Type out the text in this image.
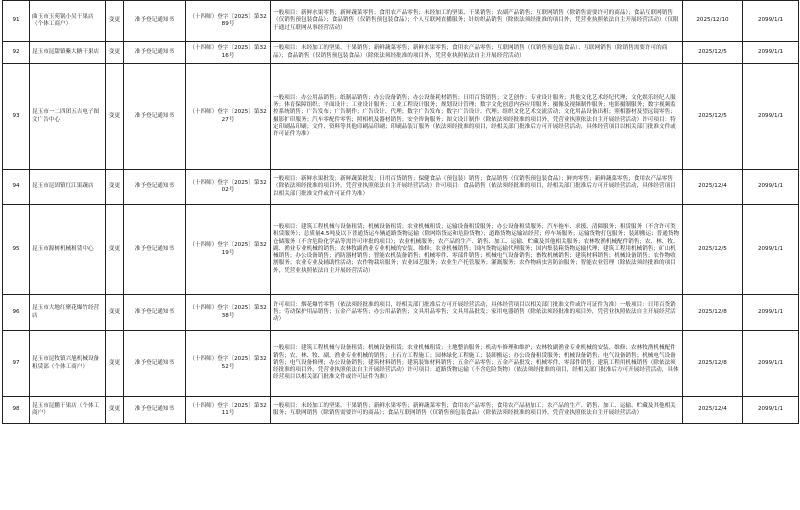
91	曲玉市玉苑锅小吴干果店（个体工商户）	变更	准予登记通知书	（十四师）登字〔2025〕第3289号	一般项目：新鲜水果零售；新鲜蔬菜零售；食用农产品零售；未经加工的坚果、干果销售；农副产品销售；互联网销售（除销售需要许可的商品）；食品互联网销售（仅销售预包装食品）；食品销售（仅销售预包装食品）；个人互联网直播服务；针纺织品销售（除依法须经批准的项目外，凭营业执照依法自主开展经营活动）（仅限于通过互联网从事经营活动）	2025/12/10	2099/1/1
92	昆玉市昆甜镇紫大糖干果店	变更	准予登记通知书	（十四师）登字〔2025〕第3216号	一般项目：未经加工的坚果、干果销售；新鲜蔬菜零售；新鲜水果零售；食用农产品零售；互联网销售（仅销售预包装食品）；互联网销售（除销售需要许可的商品）；食品销售（仅销售预包装食品）（除依法须经批准的项目外，凭营业执照依法自主开展经营活动）	2025/12/5	2099/1/1
93	昆玉市一二四团五吉电子图文广告中心	变更	准予登记通知书	（十四师）登字〔2025〕第3227号	一般项目：办公用品销售；纸制品销售；办公设备销售；办公设备耗材销售；日用百货销售；文艺创作；专业设计服务；其他文化艺术经纪代理；文化娱乐经纪人服务；体育保障组织；平面设计；工业设计服务；工业工程设计服务；规划设计管理；数字文化创意内容应用服务；摄像及视频制作服务；电影摄制服务；数字视频监控系统销售；广告发布；广告制作；广告设计、代理；数字广告发布；数字广告设计、代理；组织文化艺术交流活动；文化用品设备出租；照相器材及望远镜零售；摄影扩印服务；汽车零配件零售；照相机及器材销售；安全咨询服务；图文设计制作（除依法须经批准的项目外，凭营业执照依法自主开展经营活动）许可项目：特定印刷品印刷；文件、资料等其他印刷品印刷；印刷品装订服务（依法须经批准的项目，经相关部门批准后方可开展经营活动，具体经营项目以相关部门批准文件或许可证件为准）	2025/12/5	2099/1/1
94	昆玉市昆固镇红江果蔬店	变更	准予登记通知书	（十四师）登字〔2025〕第3202号	一般项目：新鲜水果批发；新鲜蔬菜批发；日用百货销售；保健食品（预包装）销售；食品销售（仅销售预包装食品）；鲜肉零售；新鲜蔬菜零售；食用农产品零售（除依法须经批准的项目外，凭营业执照依法自主开展经营活动）许可项目：食品销售（依法须经批准的项目，经相关部门批准后方可开展经营活动，具体经营项目以相关部门批准文件或许可证件为准）	2025/12/4	2099/1/1
95	昆玉市源树机械租赁中心	变更	准予登记通知书	（十四师）登字〔2025〕第3219号	一般项目：建筑工程机械与设备租赁；机械设备租赁；农业机械租赁；运输设备租赁服务；办公设备租赁服务；汽车拖车、求援、清障服务；租赁服务（不含许可类租赁服务）；总质量4.5吨及以下普通货运车辆道路货物运输（除网络货运和危险货物）；道路货物运输站经营；停车场服务；运输货物打包服务；装卸搬运；普通货物仓储服务（不含危险化学品等需许可审批的项目）；农业机械服务；农产品的生产、销售、加工、运输、贮藏及其他相关服务；农林牧渔机械配件销售；农、林、牧、副、渔业专业机械的销售；农林牧副渔业专业机械的安装、维修；农业机械销售；国内货物运输代理服务；国内集装箱货物运输代理；建筑工程用机械销售；矿山机械销售；办公设备销售；消防器材销售；智能农机装备销售；机械零件、零部件销售；机械电气设备销售；畜牧机械销售；建筑材料销售；机械设备销售；农作物收割服务；农业专业及辅助性活动；农作物栽培服务；农业园艺服务；农业生产托管服务；灌溉服务；农作物病虫害防治服务；智能农业管理（除依法须经批准的项目外，凭营业执照依法自主开展经营活动）	2025/12/5	2099/1/1
96	昆玉市大地红聚花爆竹经营店	变更	准予登记通知书	（十四师）登字〔2025〕第3238号	许可项目：烟花爆竹零售（依法须经批准的项目，经相关部门批准后方可开展经营活动，具体经营项目以相关部门批准文件或许可证件为准）一般项目：日用百货销售；劳动保护用品销售；五金产品零售；办公用品销售；文具用品零售；文具用品批发；家用电器销售（除依法须经批准的项目外，凭营业执照依法自主开展经营活动）	2025/12/8	2099/1/1
97	昆玉市昆牧镇兴旭机械设备租赁部（个体工商户）	变更	准予登记通知书	（十四师）登字〔2025〕第3252号	一般项目：建筑工程机械与设备租赁；机械设备租赁；农业机械租赁；土地整治服务；机动车修理和维护；农林牧副渔业专业机械的安装、维修；农林牧渔机械配件销售；农、林、牧、副、渔业专业机械的销售；土石方工程施工；园林绿化工程施工；装卸搬运；办公设备租赁服务；机械设备销售；电气设备销售；机械电气设备销售；电气设备修理；办公设备销售；建筑材料销售；建筑装饰材料销售；五金产品零售；五金产品批发；机械零件、零部件销售；建筑工程用机械销售（除依法须经批准的项目外，凭营业执照依法自主开展经营活动）许可项目：道路货物运输（不含危险货物）（依法须经批准的项目，经相关部门批准后方可开展经营活动，具体经营项目以相关部门批准文件或许可证件为准）	2025/12/8	2099/1/1
98	昆玉市昆鹏干果店（个体工商户）	变更	准予登记通知书	（十四师）登字〔2025〕第3211号	一般项目：未经加工的坚果、干果销售；新鲜水果零售；新鲜蔬菜零售；食用农产品零售；食用农产品初加工；农产品的生产、销售、加工、运输、贮藏及其他相关服务；互联网销售（除销售需要许可的商品）；食品互联网销售（仅销售预包装食品）（除依法须经批准的项目外，凭营业执照依法自主开展经营活动）	2025/12/4	2099/1/1
